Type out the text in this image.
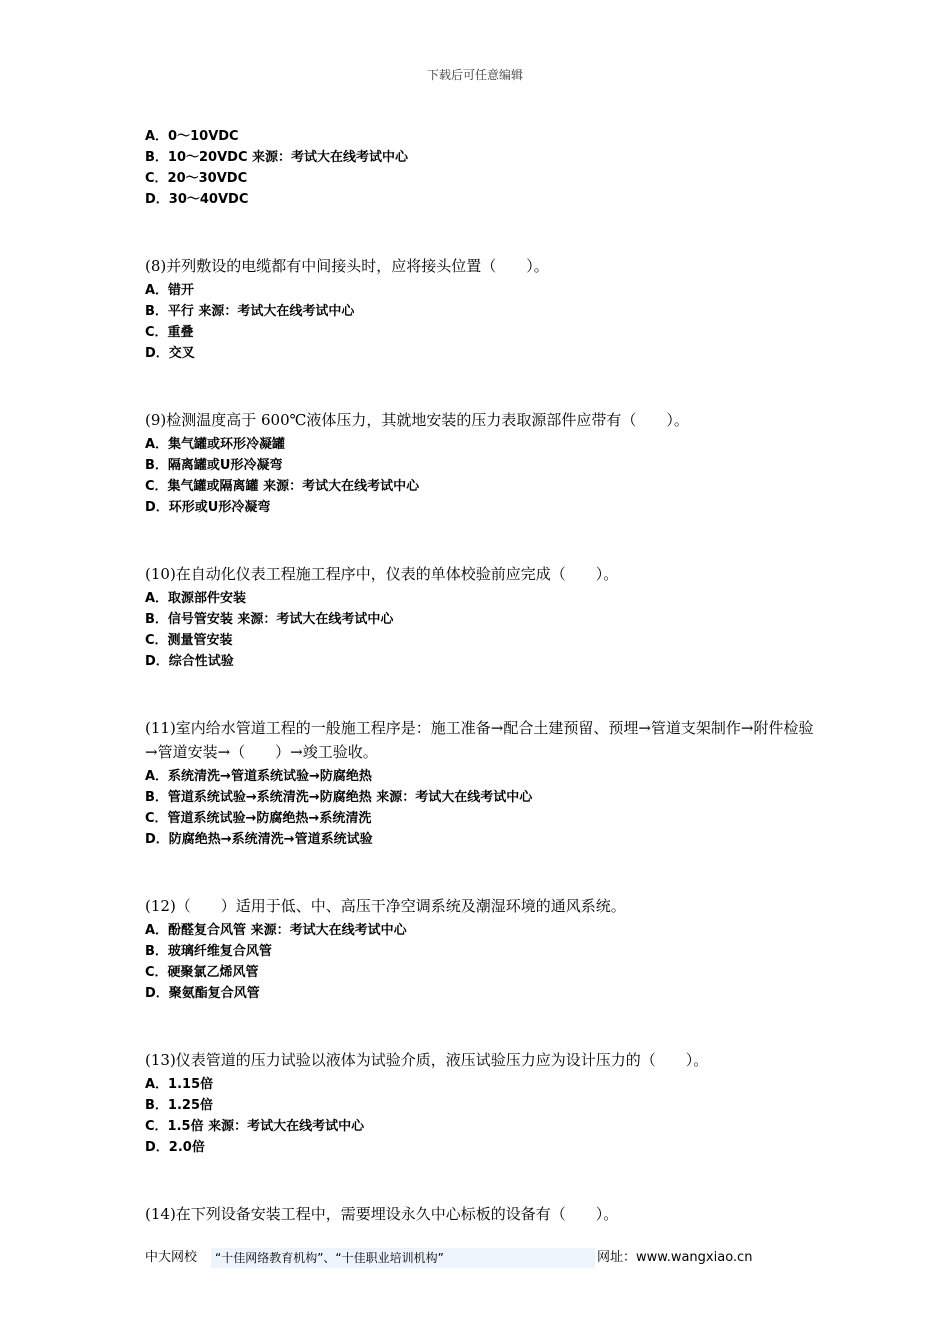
下载后可任意编辑
A．0～10VDC
B．10～20VDC 来源：考试大在线考试中心
C．20～30VDC
D．30～40VDC
(8)并列敷设的电缆都有中间接头时，应将接头位置（　　）。
A．错开
B．平行 来源：考试大在线考试中心
C．重叠
D．交叉
(9)检测温度高于 600℃液体压力，其就地安装的压力表取源部件应带有（　　）。
A．集气罐或环形冷凝罐
B．隔离罐或U形冷凝弯
C．集气罐或隔离罐 来源：考试大在线考试中心
D．环形或U形冷凝弯
(10)在自动化仪表工程施工程序中，仪表的单体校验前应完成（　　）。
A．取源部件安装
B．信号管安装 来源：考试大在线考试中心
C．测量管安装
D．综合性试验
(11)室内给水管道工程的一般施工程序是：施工准备→配合土建预留、预埋→管道支架制作→附件检验→管道安装→（　　）→竣工验收。
A．系统清洗→管道系统试验→防腐绝热
B．管道系统试验→系统清洗→防腐绝热 来源：考试大在线考试中心
C．管道系统试验→防腐绝热→系统清洗
D．防腐绝热→系统清洗→管道系统试验
(12)（　　）适用于低、中、高压干净空调系统及潮湿环境的通风系统。
A．酚醛复合风管 来源：考试大在线考试中心
B．玻璃纤维复合风管
C．硬聚氯乙烯风管
D．聚氨酯复合风管
(13)仪表管道的压力试验以液体为试验介质，液压试验压力应为设计压力的（　　）。
A．1.15倍
B．1.25倍
C．1.5倍 来源：考试大在线考试中心
D．2.0倍
(14)在下列设备安装工程中，需要埋设永久中心标板的设备有（　　）。
中大网校	“十佳网络教育机构”、“十佳职业培训机构”	网址：www.wangxiao.cn
